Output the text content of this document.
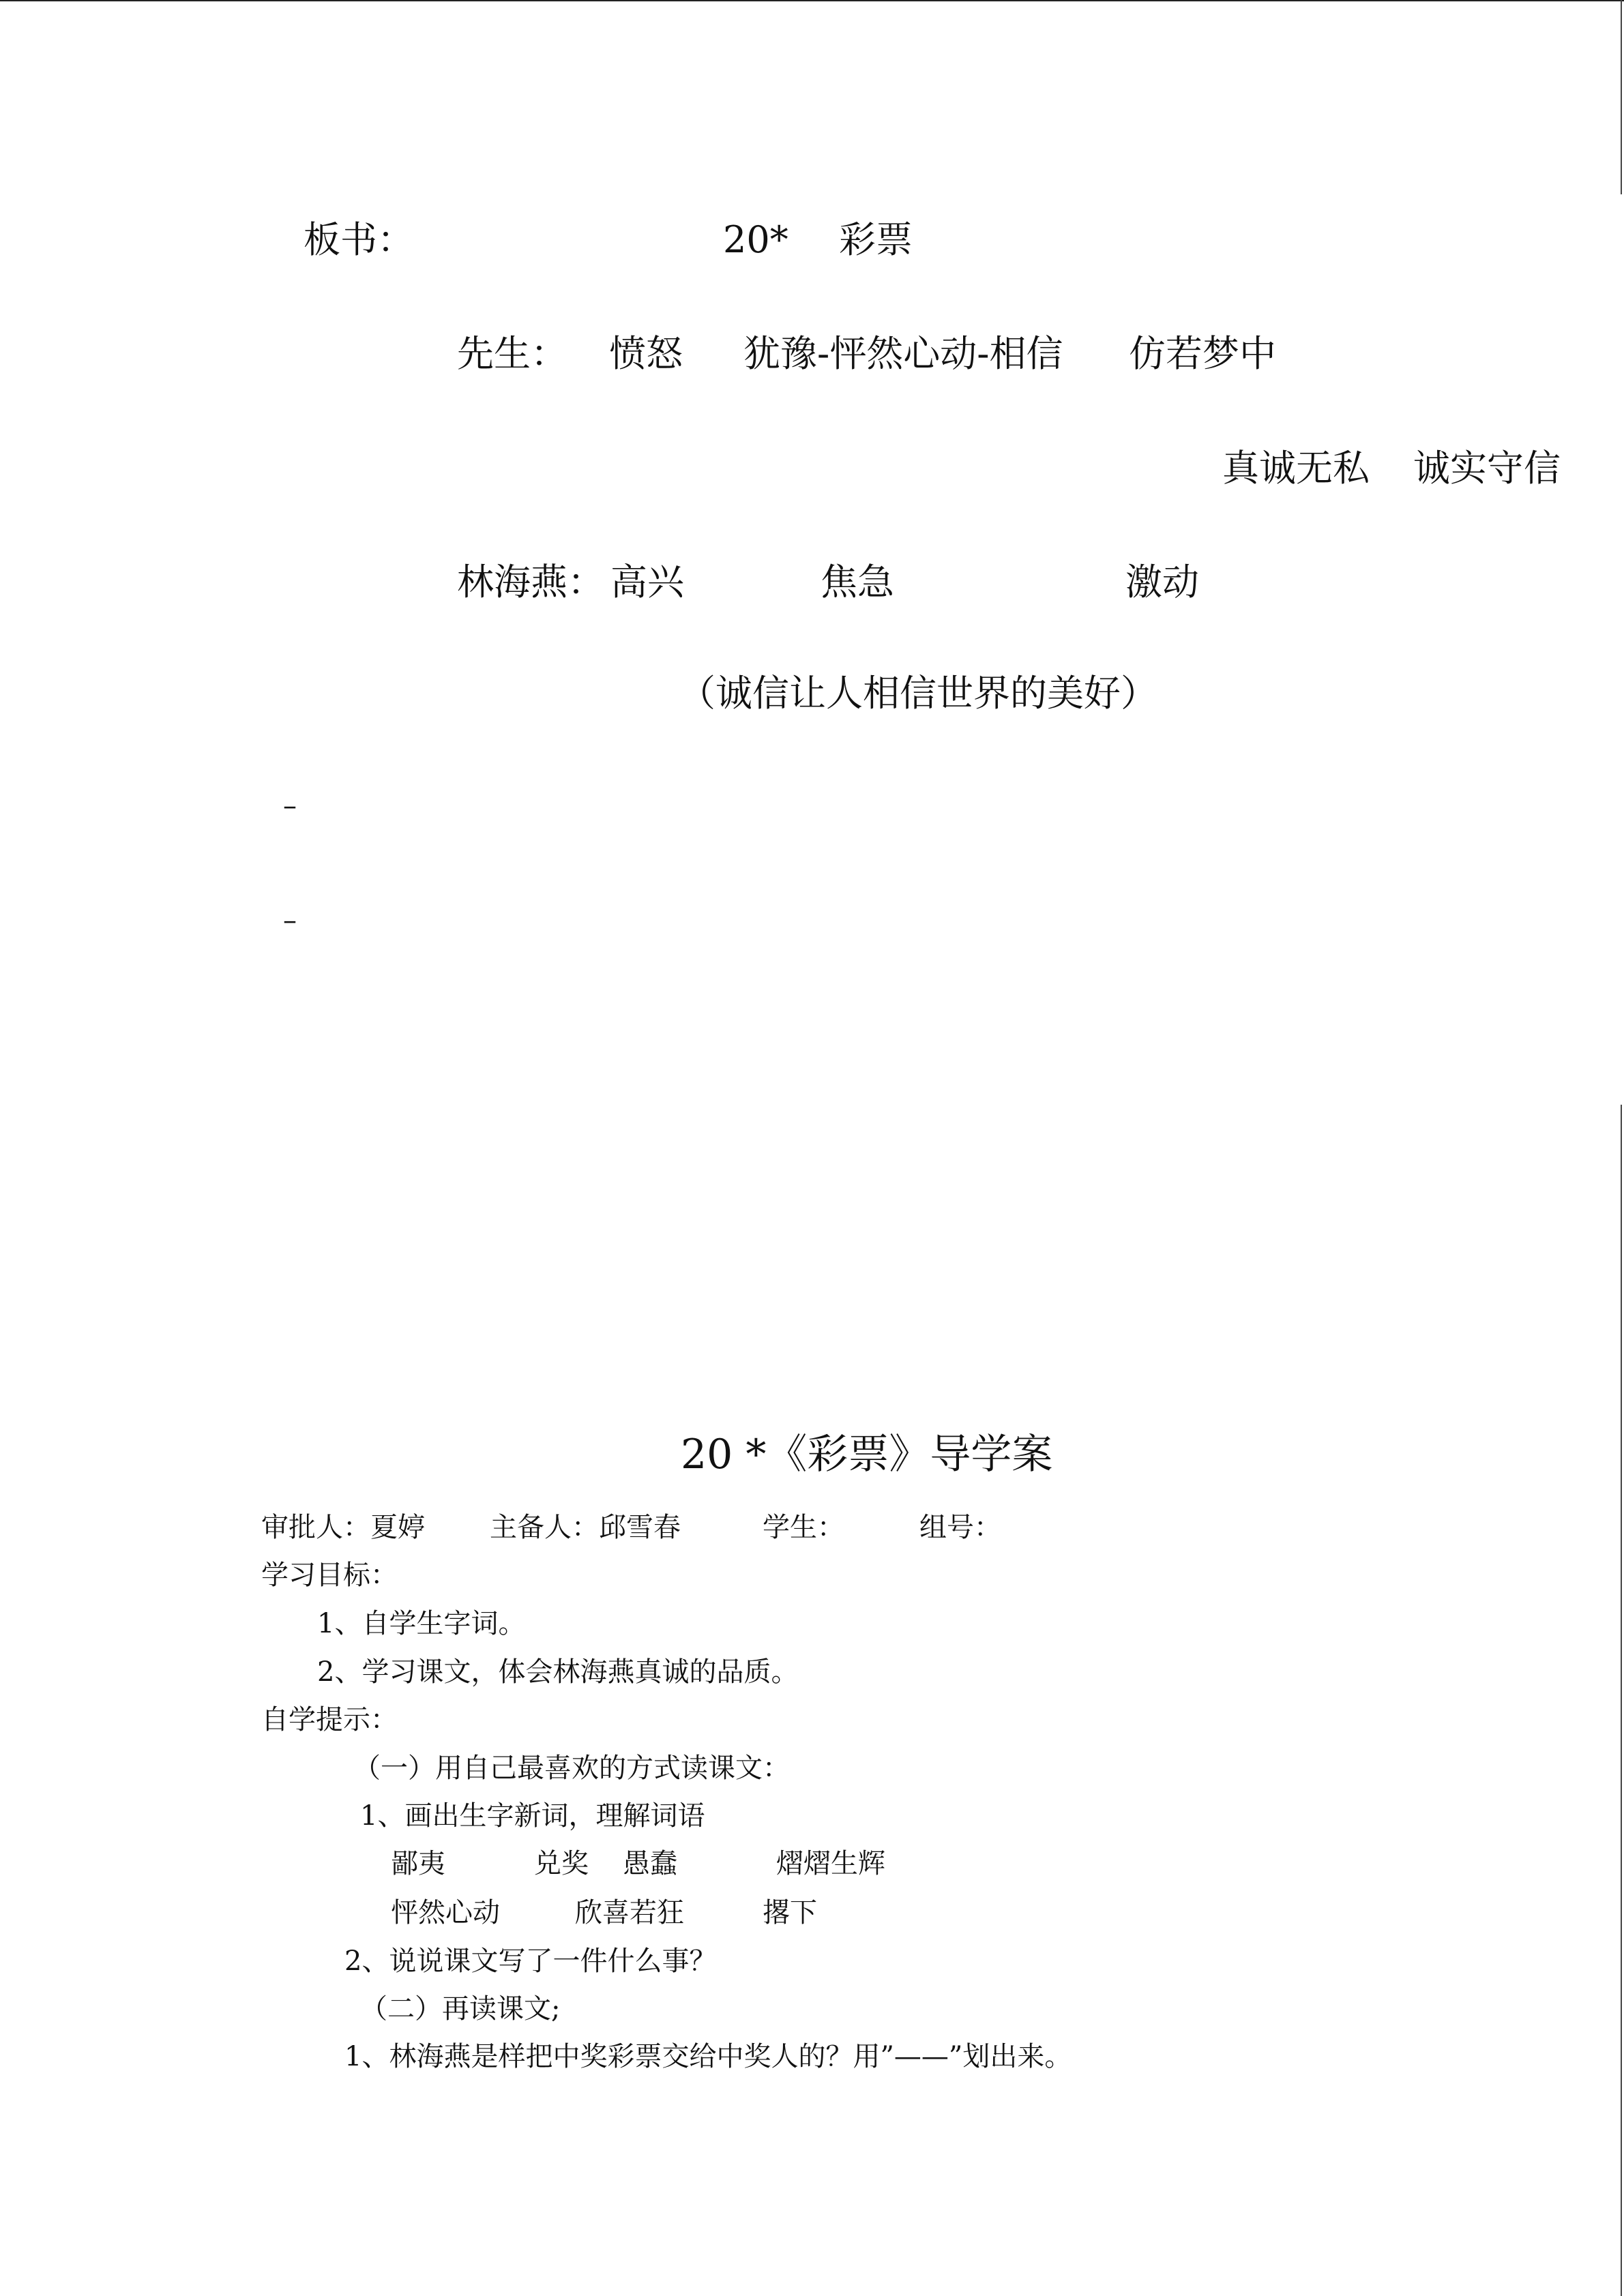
板书：	20* 彩票
先生： 愤怒 犹豫-怦然心动-相信 仿若梦中
真诚无私 诚实守信
林海燕： 高兴	焦急	激动
（诚信让人相信世界的美好）
–
–
20 *《彩票》导学案
审批人：夏婷 主备人：邱雪春	学生：	组号：
学习目标：
1、自学生字词。
2、学习课文，体会林海燕真诚的品质。
自学提示：
（一）用自己最喜欢的方式读课文：
1、画出生字新词，理解词语
鄙夷	兑奖 愚蠢	熠熠生辉
怦然心动	欣喜若狂	撂下
2、说说课文写了一件什么事？
（二）再读课文;
1、林海燕是样把中奖彩票交给中奖人的？用”——”划出来。
